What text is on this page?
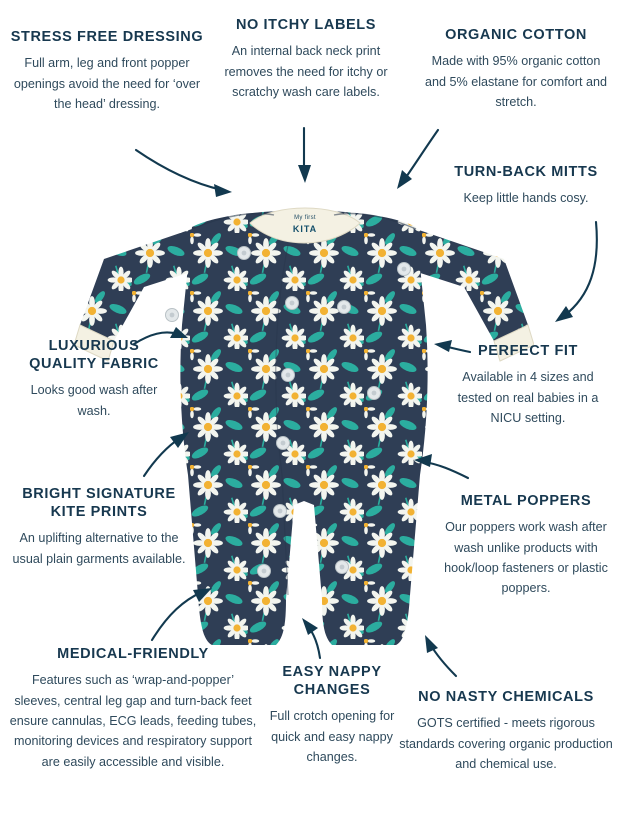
My first
KITA
STRESS FREE DRESSING
Full arm, leg and front popper openings avoid the need for ‘over the head’ dressing.
NO ITCHY LABELS
An internal back neck print removes the need for itchy or scratchy wash care labels.
ORGANIC COTTON
Made with 95% organic cotton and 5% elastane for comfort and stretch.
TURN-BACK MITTS
Keep little hands cosy.
LUXURIOUS QUALITY FABRIC
Looks good wash after wash.
PERFECT FIT
Available in 4 sizes and tested on real babies in a NICU setting.
BRIGHT SIGNATURE KITE PRINTS
An uplifting alternative to the usual plain garments available.
METAL POPPERS
Our poppers work wash after wash unlike products with hook/loop fasteners or plastic poppers.
MEDICAL-FRIENDLY
Features such as ‘wrap-and-popper’ sleeves, central leg gap and turn-back feet ensure cannulas, ECG leads, feeding tubes, monitoring devices and respiratory support are easily accessible and visible.
EASY NAPPY CHANGES
Full crotch opening for quick and easy nappy changes.
NO NASTY CHEMICALS
GOTS certified - meets rigorous standards covering organic production and chemical use.
